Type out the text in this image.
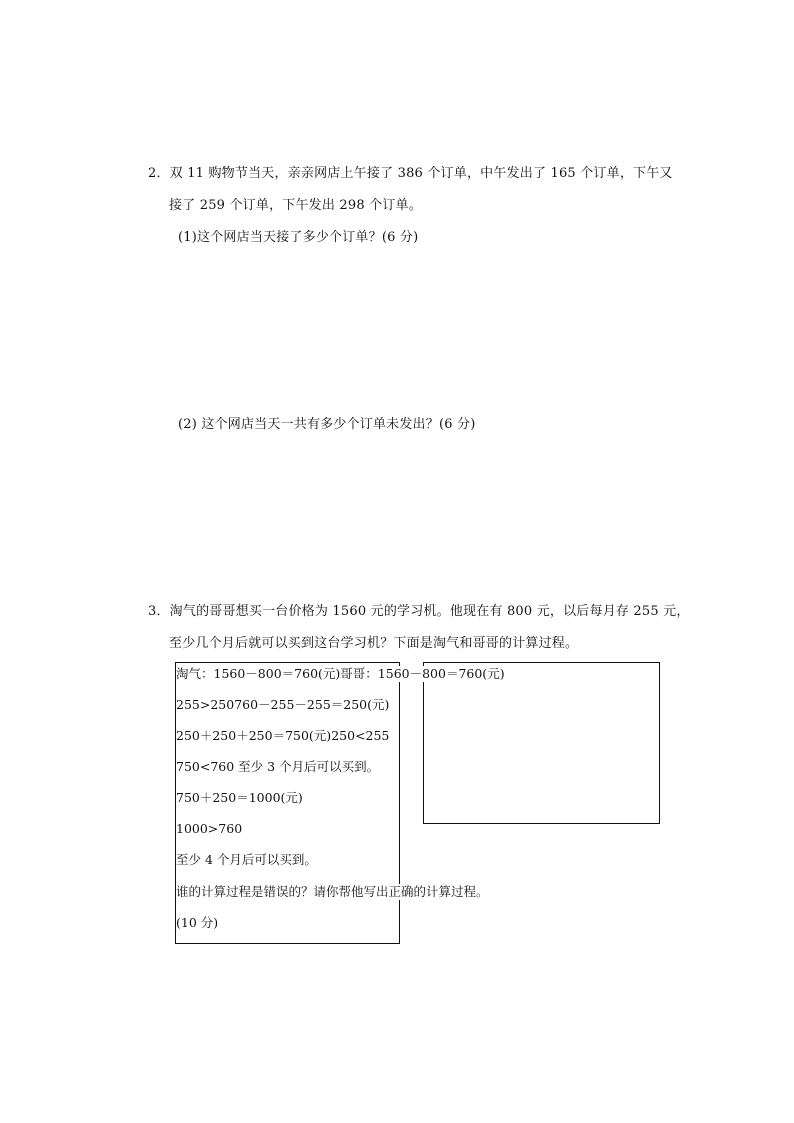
2．双 11 购物节当天，亲亲网店上午接了 386 个订单，中午发出了 165 个订单，下午又
接了 259 个订单，下午发出 298 个订单。
(1)这个网店当天接了多少个订单？(6 分)
(2) 这个网店当天一共有多少个订单未发出？(6 分)
3．淘气的哥哥想买一台价格为 1560 元的学习机。他现在有 800 元，以后每月存 255 元，
至少几个月后就可以买到这台学习机？下面是淘气和哥哥的计算过程。
淘气：1560－800＝760(元)哥哥：1560－800＝760(元)
255>250760－255－255＝250(元)
250＋250＋250＝750(元)250<255
750<760 至少 3 个月后可以买到。
750＋250＝1000(元)
1000>760
至少 4 个月后可以买到。
谁的计算过程是错误的？请你帮他写出正确的计算过程。
(10 分)
